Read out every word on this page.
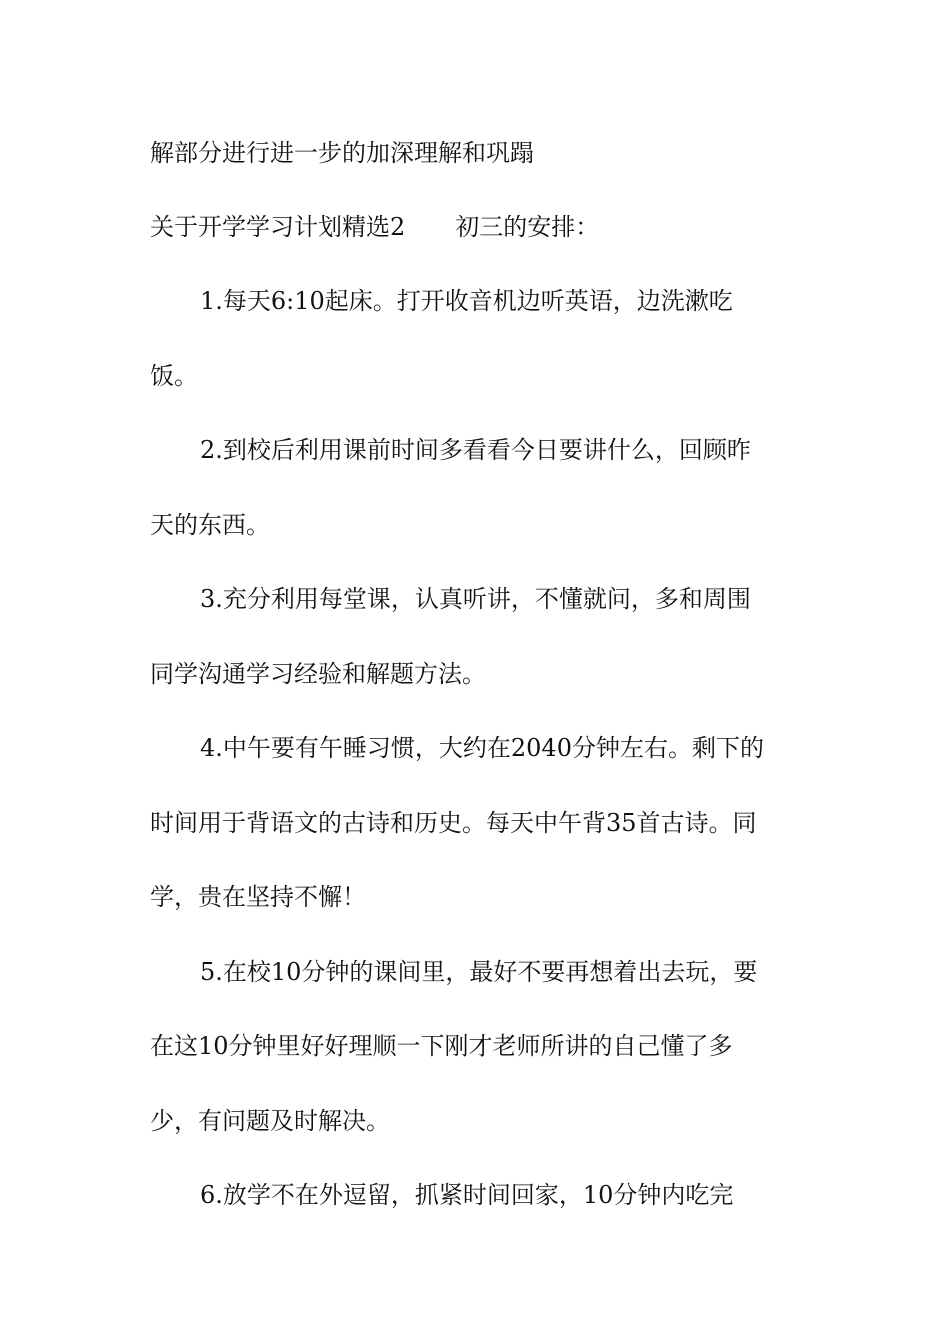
解部分进行进一步的加深理解和巩蹋
关于开学学习计划精选2 初三的安排：
1.每天6:10起床。打开收音机边听英语，边洗漱吃
饭。
2.到校后利用课前时间多看看今日要讲什么，回顾昨
天的东西。
3.充分利用每堂课，认真听讲，不懂就问，多和周围
同学沟通学习经验和解题方法。
4.中午要有午睡习惯，大约在2040分钟左右。剩下的
时间用于背语文的古诗和历史。每天中午背35首古诗。同
学，贵在坚持不懈！
5.在校10分钟的课间里，最好不要再想着出去玩，要
在这10分钟里好好理顺一下刚才老师所讲的自己懂了多
少，有问题及时解决。
6.放学不在外逗留，抓紧时间回家，10分钟内吃完
